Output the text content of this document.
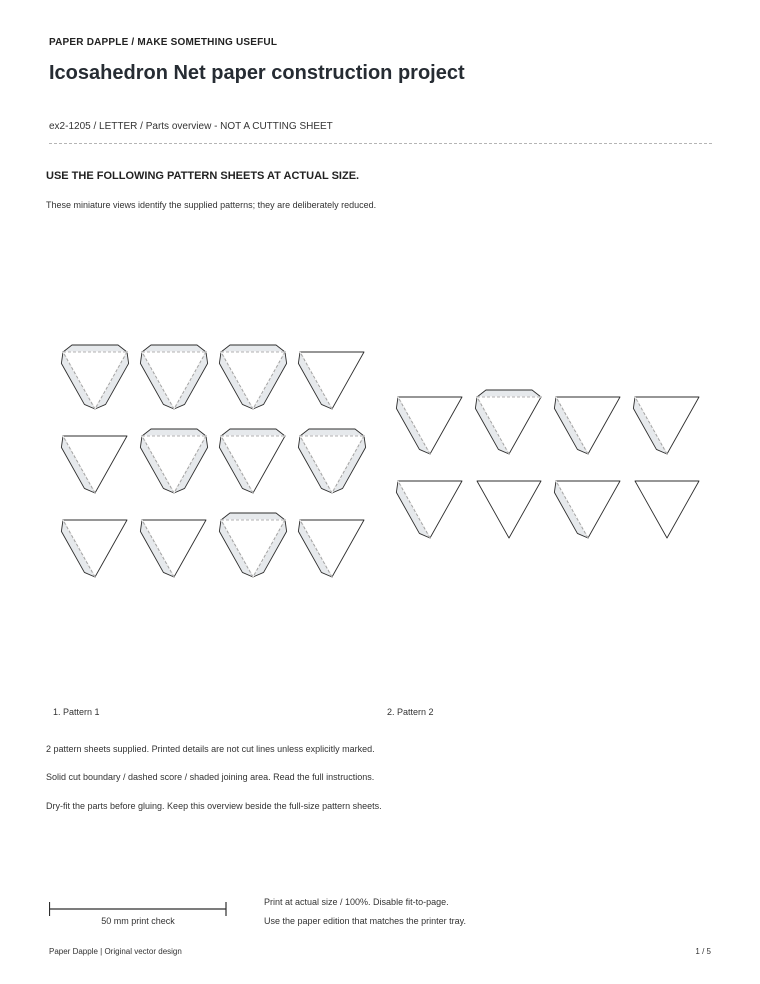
PAPER DAPPLE / MAKE SOMETHING USEFUL
Icosahedron Net paper construction project
ex2-1205 / LETTER / Parts overview - NOT A CUTTING SHEET
USE THE FOLLOWING PATTERN SHEETS AT ACTUAL SIZE.
These miniature views identify the supplied patterns; they are deliberately reduced.
1. Pattern 1	2. Pattern 2
2 pattern sheets supplied. Printed details are not cut lines unless explicitly marked.
Solid cut boundary / dashed score / shaded joining area. Read the full instructions.
Dry-fit the parts before gluing. Keep this overview beside the full-size pattern sheets.
50 mm print check
Print at actual size / 100%. Disable fit-to-page.
Use the paper edition that matches the printer tray.
Paper Dapple | Original vector design	1 / 5
